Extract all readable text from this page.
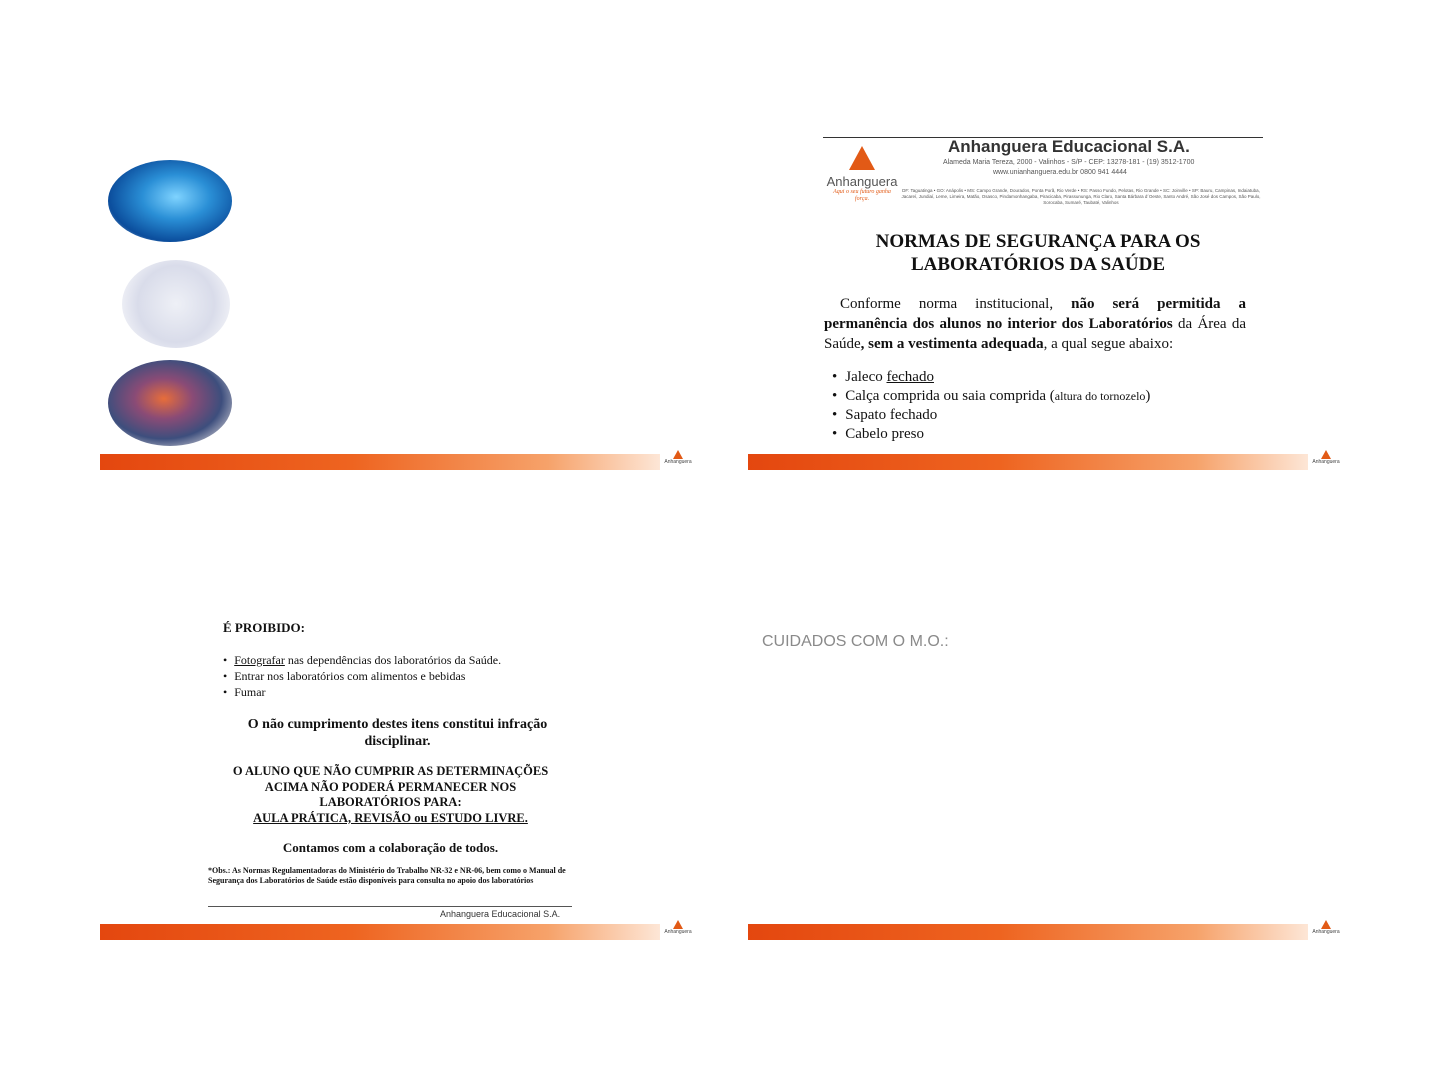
Anhanguera
Anhanguera
Aqui o seu futuro ganha força.
Anhanguera Educacional S.A.
Alameda Maria Tereza, 2000 - Valinhos - S/P - CEP: 13278-181 - (19) 3512-1700
www.unianhanguera.edu.br 0800 941 4444
DF: Taguatinga • GO: Anápolis • MS: Campo Grande, Dourados, Ponta Porã, Rio Verde • RS: Passo Fundo, Pelotas, Rio Grande • SC: Joinville • SP: Bauru, Campinas, Indaiatuba, Jacareí, Jundiaí, Leme, Limeira, Matão, Osasco, Pindamonhangaba, Piracicaba, Pirassununga, Rio Claro, Santa Bárbara d´Oeste, Santo André, São José dos Campos, São Paulo, Sorocaba, Sumaré, Taubaté, Valinhos
NORMAS DE SEGURANÇA PARA OS
LABORATÓRIOS DA SAÚDE
Conforme norma institucional, não será permitida a permanência dos alunos no interior dos Laboratórios da Área da Saúde, sem a vestimenta adequada, a qual segue abaixo:
• Jaleco fechado
• Calça comprida ou saia comprida (altura do tornozelo)
• Sapato fechado
• Cabelo preso
Anhanguera
É PROIBIDO:
• Fotografar nas dependências dos laboratórios da Saúde.
• Entrar nos laboratórios com alimentos e bebidas
• Fumar
O não cumprimento destes itens constitui infração disciplinar.
O ALUNO QUE NÃO CUMPRIR AS DETERMINAÇÕES
ACIMA NÃO PODERÁ PERMANECER NOS
LABORATÓRIOS PARA:
AULA PRÁTICA, REVISÃO ou ESTUDO LIVRE.
Contamos com a colaboração de todos.
*Obs.: As Normas Regulamentadoras do Ministério do Trabalho NR-32 e NR-06, bem como o Manual de Segurança dos Laboratórios de Saúde estão disponíveis para consulta no apoio dos laboratórios
Anhanguera Educacional S.A.
Anhanguera
CUIDADOS COM O M.O.:
Anhanguera
